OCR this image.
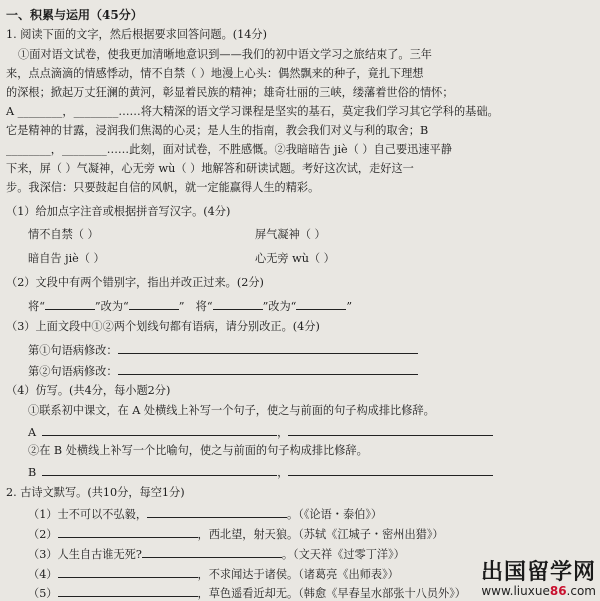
一、积累与运用（45分）
1. 阅读下面的文字，然后根据要求回答问题。(14分)
①面对语文试卷，使我更加清晰地意识到——我们的初中语文学习之旅结束了。三年
来，点点滴滴的情感悸动，情不自禁（ ）地漫上心头：偶然飘来的种子，竟扎下理想
的深根；掀起万丈狂澜的黄河，彰显着民族的精神；雄奇壮丽的三峡，缕藩着世俗的情怀；
A ________，________……将大精深的语文学习课程是坚实的基石，莫定我们学习其它学科的基础。
它是精神的甘露，浸润我们焦渴的心灵；是人生的指南，教会我们对义与利的取舍；B
________，________……此刻，面对试卷，不胜感慨。②我暗暗告 jiè（ ）自己要迅速平静
下来，屏（ ）气凝神，心无旁 wù（ ）地解答和研读试题。考好这次试，走好这一
步。我深信：只要鼓起自信的风帆，就一定能赢得人生的精彩。
（1）给加点字注音或根据拼音写汉字。(4分)
情不自禁（ ）	屏气凝神（ ）
暗自告 jiè（ ）	心无旁 wù（ ）
（2）文段中有两个错别字，指出并改正过来。(2分)
将“	”改为“	”　将“	”改为“	”
（3）上面文段中①②两个划线句都有语病，请分别改正。(4分)
第①句语病修改：
第②句语病修改：
（4）仿写。(共4分，每小题2分)
①联系初中课文，在 A 处横线上补写一个句子，使之与前面的句子构成排比修辞。
A	，
②在 B 处横线上补写一个比喻句，使之与前面的句子构成排比修辞。
B	，
2. 古诗文默写。(共10分，每空1分)
（1）士不可以不弘毅，	。（《论语・泰伯》）
（2）	，西北望，射天狼。（苏轼《江城子・密州出猎》）
（3）人生自古谁无死?	。（文天祥《过零丁洋》）
（4）	，不求闻达于诸侯。（诸葛亮《出师表》）
（5）	，草色遥看近却无。（韩愈《早春呈水部张十八员外》）
出国留学网
www.liuxue86.com
